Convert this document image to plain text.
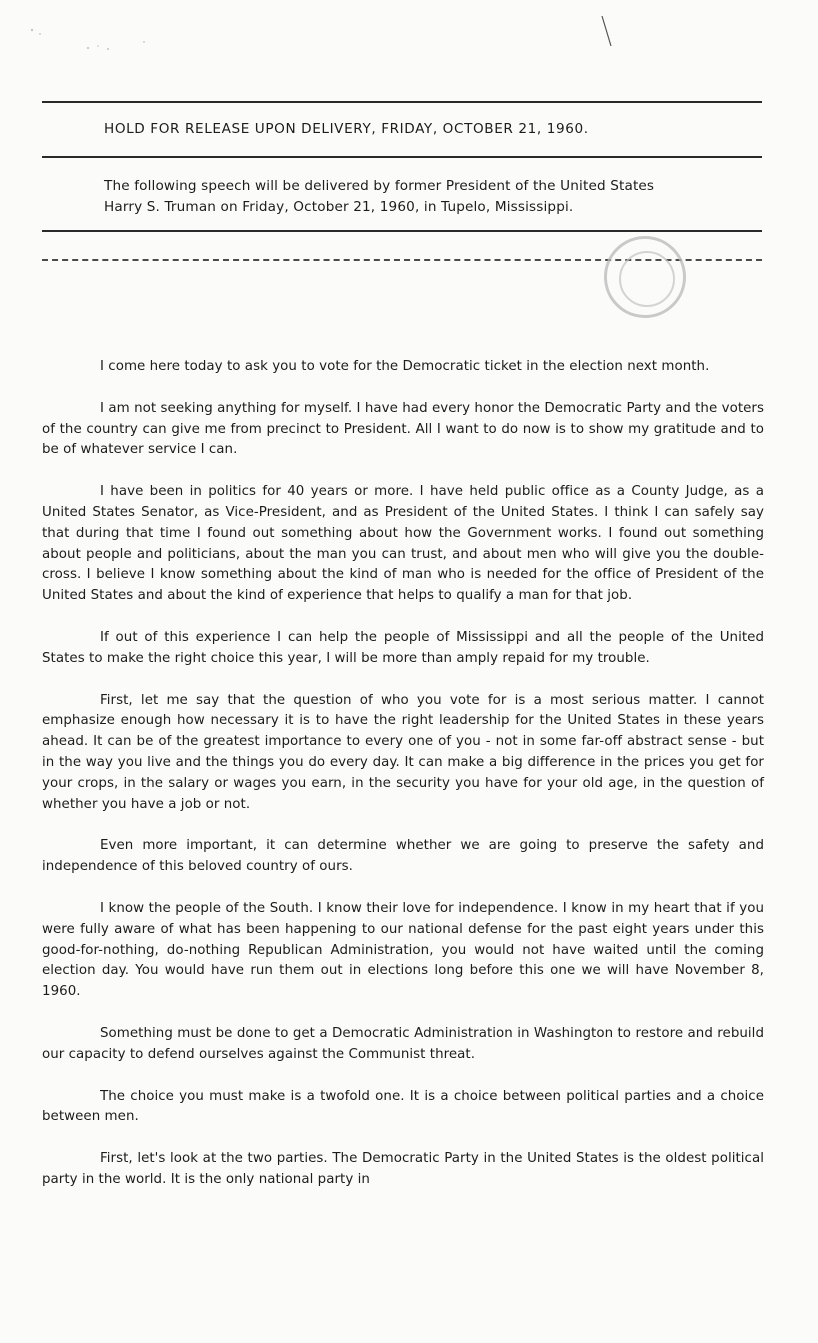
HOLD FOR RELEASE UPON DELIVERY, FRIDAY, OCTOBER 21, 1960.

The following speech will be delivered by former President of the United States

Harry S. Truman on Friday, October 21, 1960, in Tupelo, Mississippi.

I come here today to ask you to vote for the Democratic ticket in the election next month.

I am not seeking anything for myself. I have had every honor the Democratic Party and the voters of the country can give me from precinct to President. All I want to do now is to show my gratitude and to be of whatever service I can.

I have been in politics for 40 years or more. I have held public office as a County Judge, as a United States Senator, as Vice-President, and as President of the United States. I think I can safely say that during that time I found out something about how the Government works. I found out something about people and politicians, about the man you can trust, and about men who will give you the double-cross. I believe I know something about the kind of man who is needed for the office of President of the United States and about the kind of experience that helps to qualify a man for that job.

If out of this experience I can help the people of Mississippi and all the people of the United States to make the right choice this year, I will be more than amply repaid for my trouble.

First, let me say that the question of who you vote for is a most serious matter. I cannot emphasize enough how necessary it is to have the right leadership for the United States in these years ahead. It can be of the greatest importance to every one of you - not in some far-off abstract sense - but in the way you live and the things you do every day. It can make a big difference in the prices you get for your crops, in the salary or wages you earn, in the security you have for your old age, in the question of whether you have a job or not.

Even more important, it can determine whether we are going to preserve the safety and independence of this beloved country of ours.

I know the people of the South. I know their love for independence. I know in my heart that if you were fully aware of what has been happening to our national defense for the past eight years under this good-for-nothing, do-nothing Republican Administration, you would not have waited until the coming election day. You would have run them out in elections long before this one we will have November 8, 1960.

Something must be done to get a Democratic Administration in Washington to restore and rebuild our capacity to defend ourselves against the Communist threat.

The choice you must make is a twofold one. It is a choice between political parties and a choice between men.

First, let's look at the two parties. The Democratic Party in the United States is the oldest political party in the world. It is the only national party in
